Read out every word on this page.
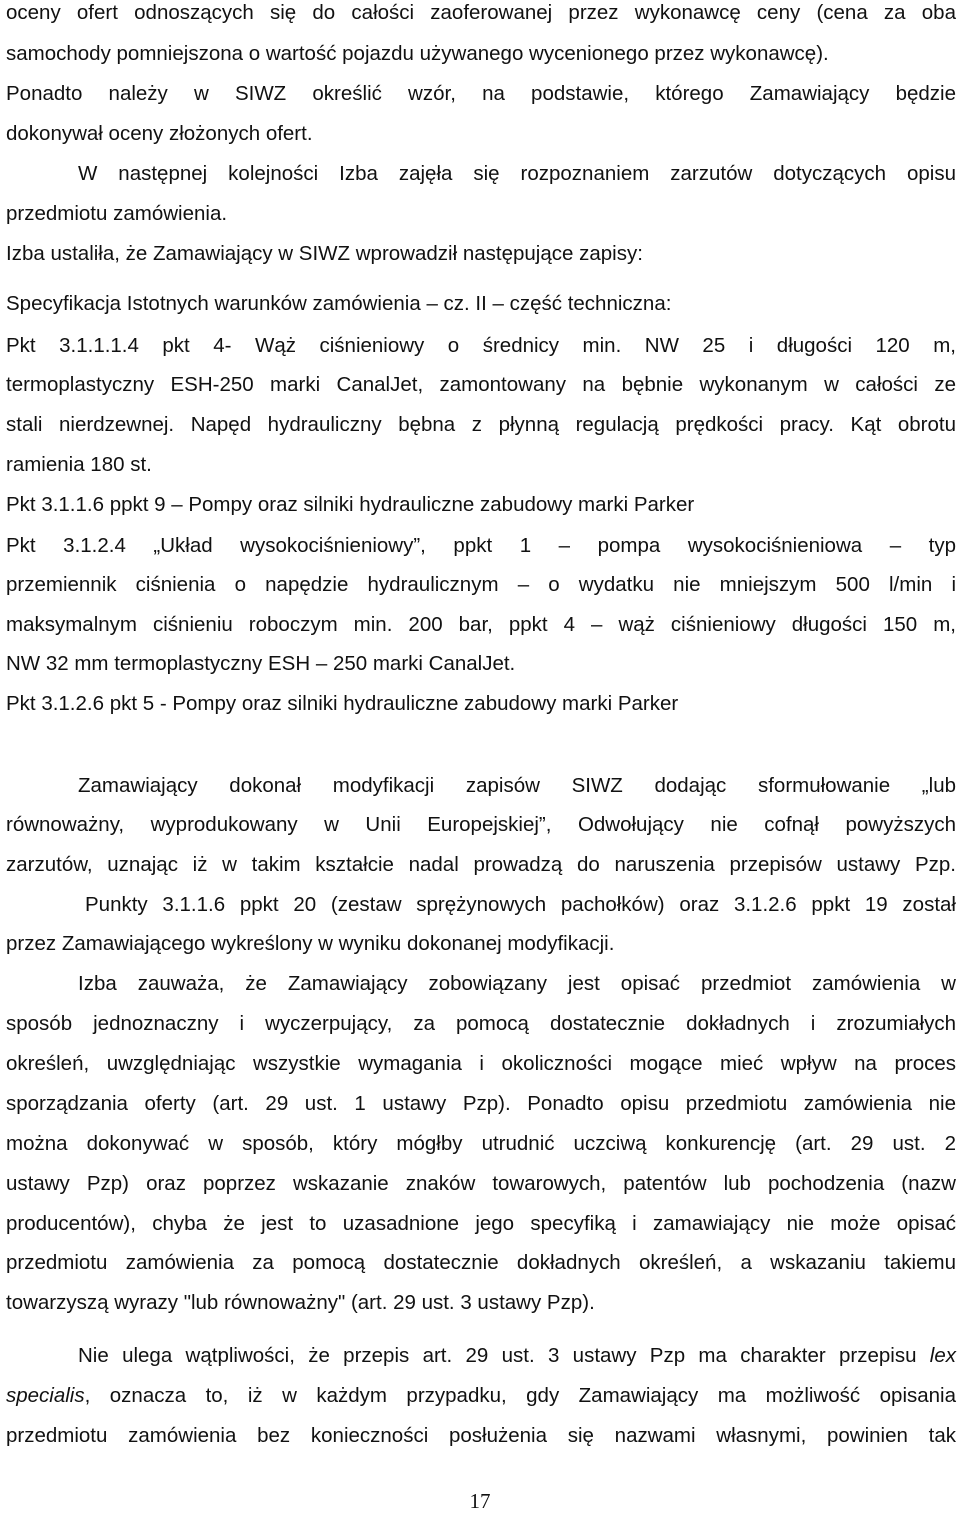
oceny ofert odnoszących się do całości zaoferowanej przez wykonawcę ceny (cena za oba
samochody pomniejszona o wartość pojazdu używanego wycenionego przez wykonawcę).
Ponadto należy w SIWZ określić wzór, na podstawie, którego Zamawiający będzie
dokonywał oceny złożonych ofert.
W następnej kolejności Izba zajęła się rozpoznaniem zarzutów dotyczących opisu
przedmiotu zamówienia.
Izba ustaliła, że Zamawiający w SIWZ wprowadził następujące zapisy:
Specyfikacja Istotnych warunków zamówienia – cz. II – część techniczna:
Pkt 3.1.1.1.4 pkt 4- Wąż ciśnieniowy o średnicy min. NW 25 i długości 120 m,
termoplastyczny ESH-250 marki CanalJet, zamontowany na bębnie wykonanym w całości ze
stali nierdzewnej. Napęd hydrauliczny bębna z płynną regulacją prędkości pracy. Kąt obrotu
ramienia 180 st.
Pkt 3.1.1.6 ppkt 9 – Pompy oraz silniki hydrauliczne zabudowy marki Parker
Pkt 3.1.2.4 „Układ wysokociśnieniowy”, ppkt 1 – pompa wysokociśnieniowa – typ
przemiennik ciśnienia o napędzie hydraulicznym – o wydatku nie mniejszym 500 l/min i
maksymalnym ciśnieniu roboczym min. 200 bar, ppkt 4 – wąż ciśnieniowy długości 150 m,
NW 32 mm termoplastyczny ESH – 250 marki CanalJet.
Pkt 3.1.2.6 pkt 5 - Pompy oraz silniki hydrauliczne zabudowy marki Parker
Zamawiający dokonał modyfikacji zapisów SIWZ dodając sformułowanie „lub
równoważny, wyprodukowany w Unii Europejskiej”, Odwołujący nie cofnął powyższych
zarzutów, uznając iż w takim kształcie nadal prowadzą do naruszenia przepisów ustawy Pzp.
Punkty 3.1.1.6 ppkt 20 (zestaw sprężynowych pachołków) oraz 3.1.2.6 ppkt 19 został
przez Zamawiającego wykreślony w wyniku dokonanej modyfikacji.
Izba zauważa, że Zamawiający zobowiązany jest opisać przedmiot zamówienia w
sposób jednoznaczny i wyczerpujący, za pomocą dostatecznie dokładnych i zrozumiałych
określeń, uwzględniając wszystkie wymagania i okoliczności mogące mieć wpływ na proces
sporządzania oferty (art. 29 ust. 1 ustawy Pzp). Ponadto opisu przedmiotu zamówienia nie
można dokonywać w sposób, który mógłby utrudnić uczciwą konkurencję (art. 29 ust. 2
ustawy Pzp) oraz poprzez wskazanie znaków towarowych, patentów lub pochodzenia (nazw
producentów), chyba że jest to uzasadnione jego specyfiką i zamawiający nie może opisać
przedmiotu zamówienia za pomocą dostatecznie dokładnych określeń, a wskazaniu takiemu
towarzyszą wyrazy "lub równoważny" (art. 29 ust. 3 ustawy Pzp).
Nie ulega wątpliwości, że przepis art. 29 ust. 3 ustawy Pzp ma charakter przepisu lex
specialis, oznacza to, iż w każdym przypadku, gdy Zamawiający ma możliwość opisania
przedmiotu zamówienia bez konieczności posłużenia się nazwami własnymi, powinien tak
17
